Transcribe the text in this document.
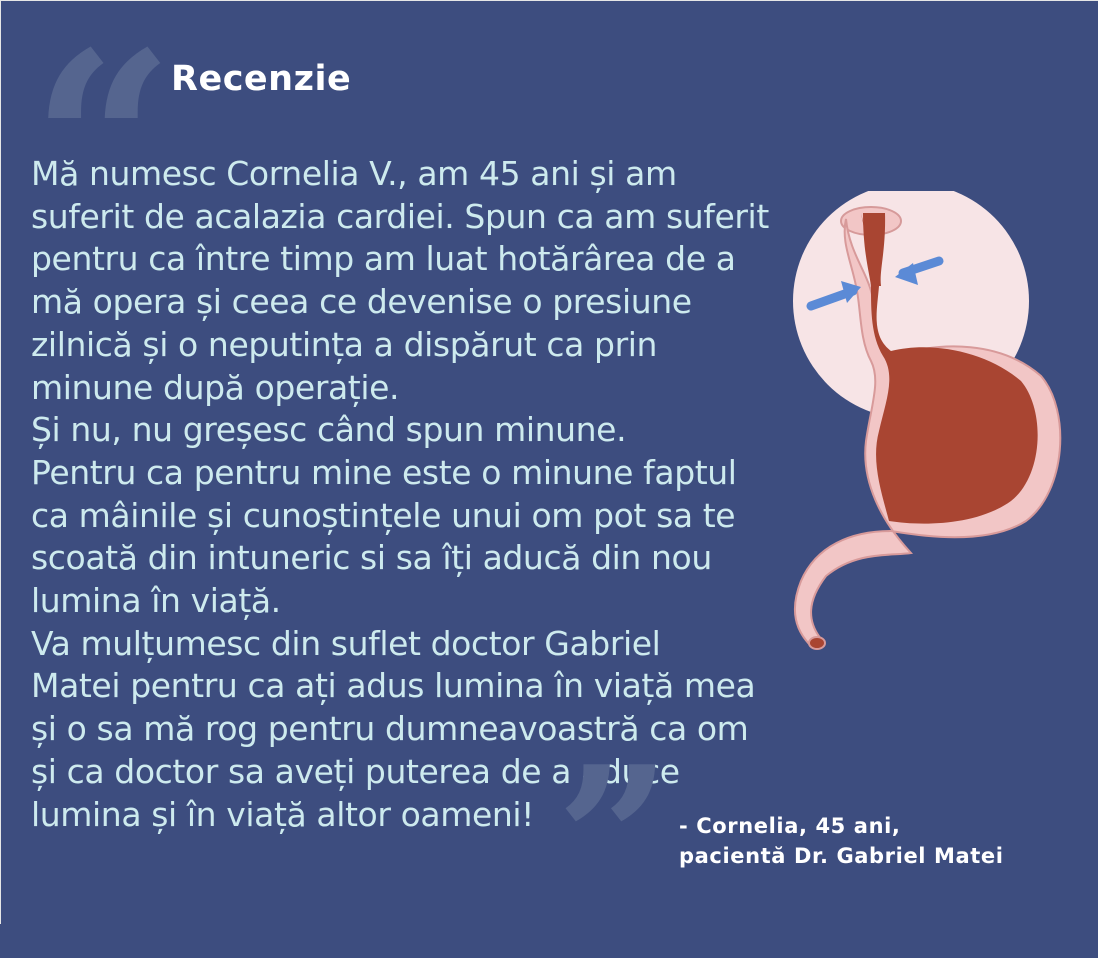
“
Recenzie
Mă numesc Cornelia V., am 45 ani și am
suferit de acalazia cardiei. Spun ca am suferit
pentru ca între timp am luat hotărârea de a
mă opera și ceea ce devenise o presiune
zilnică și o neputința a dispărut ca prin
minune după operație.
Și nu, nu greșesc când spun minune.
Pentru ca pentru mine este o minune faptul
ca mâinile și cunoștințele unui om pot sa te
scoată din intuneric si sa îți aducă din nou
lumina în viață.
Va mulțumesc din suflet doctor Gabriel
Matei pentru ca ați adus lumina în viață mea
și o sa mă rog pentru dumneavoastră ca om
și ca doctor sa aveți puterea de a aduce
lumina și în viață altor oameni! ” - Cornelia, 45 ani,
pacientă Dr. Gabriel Matei
